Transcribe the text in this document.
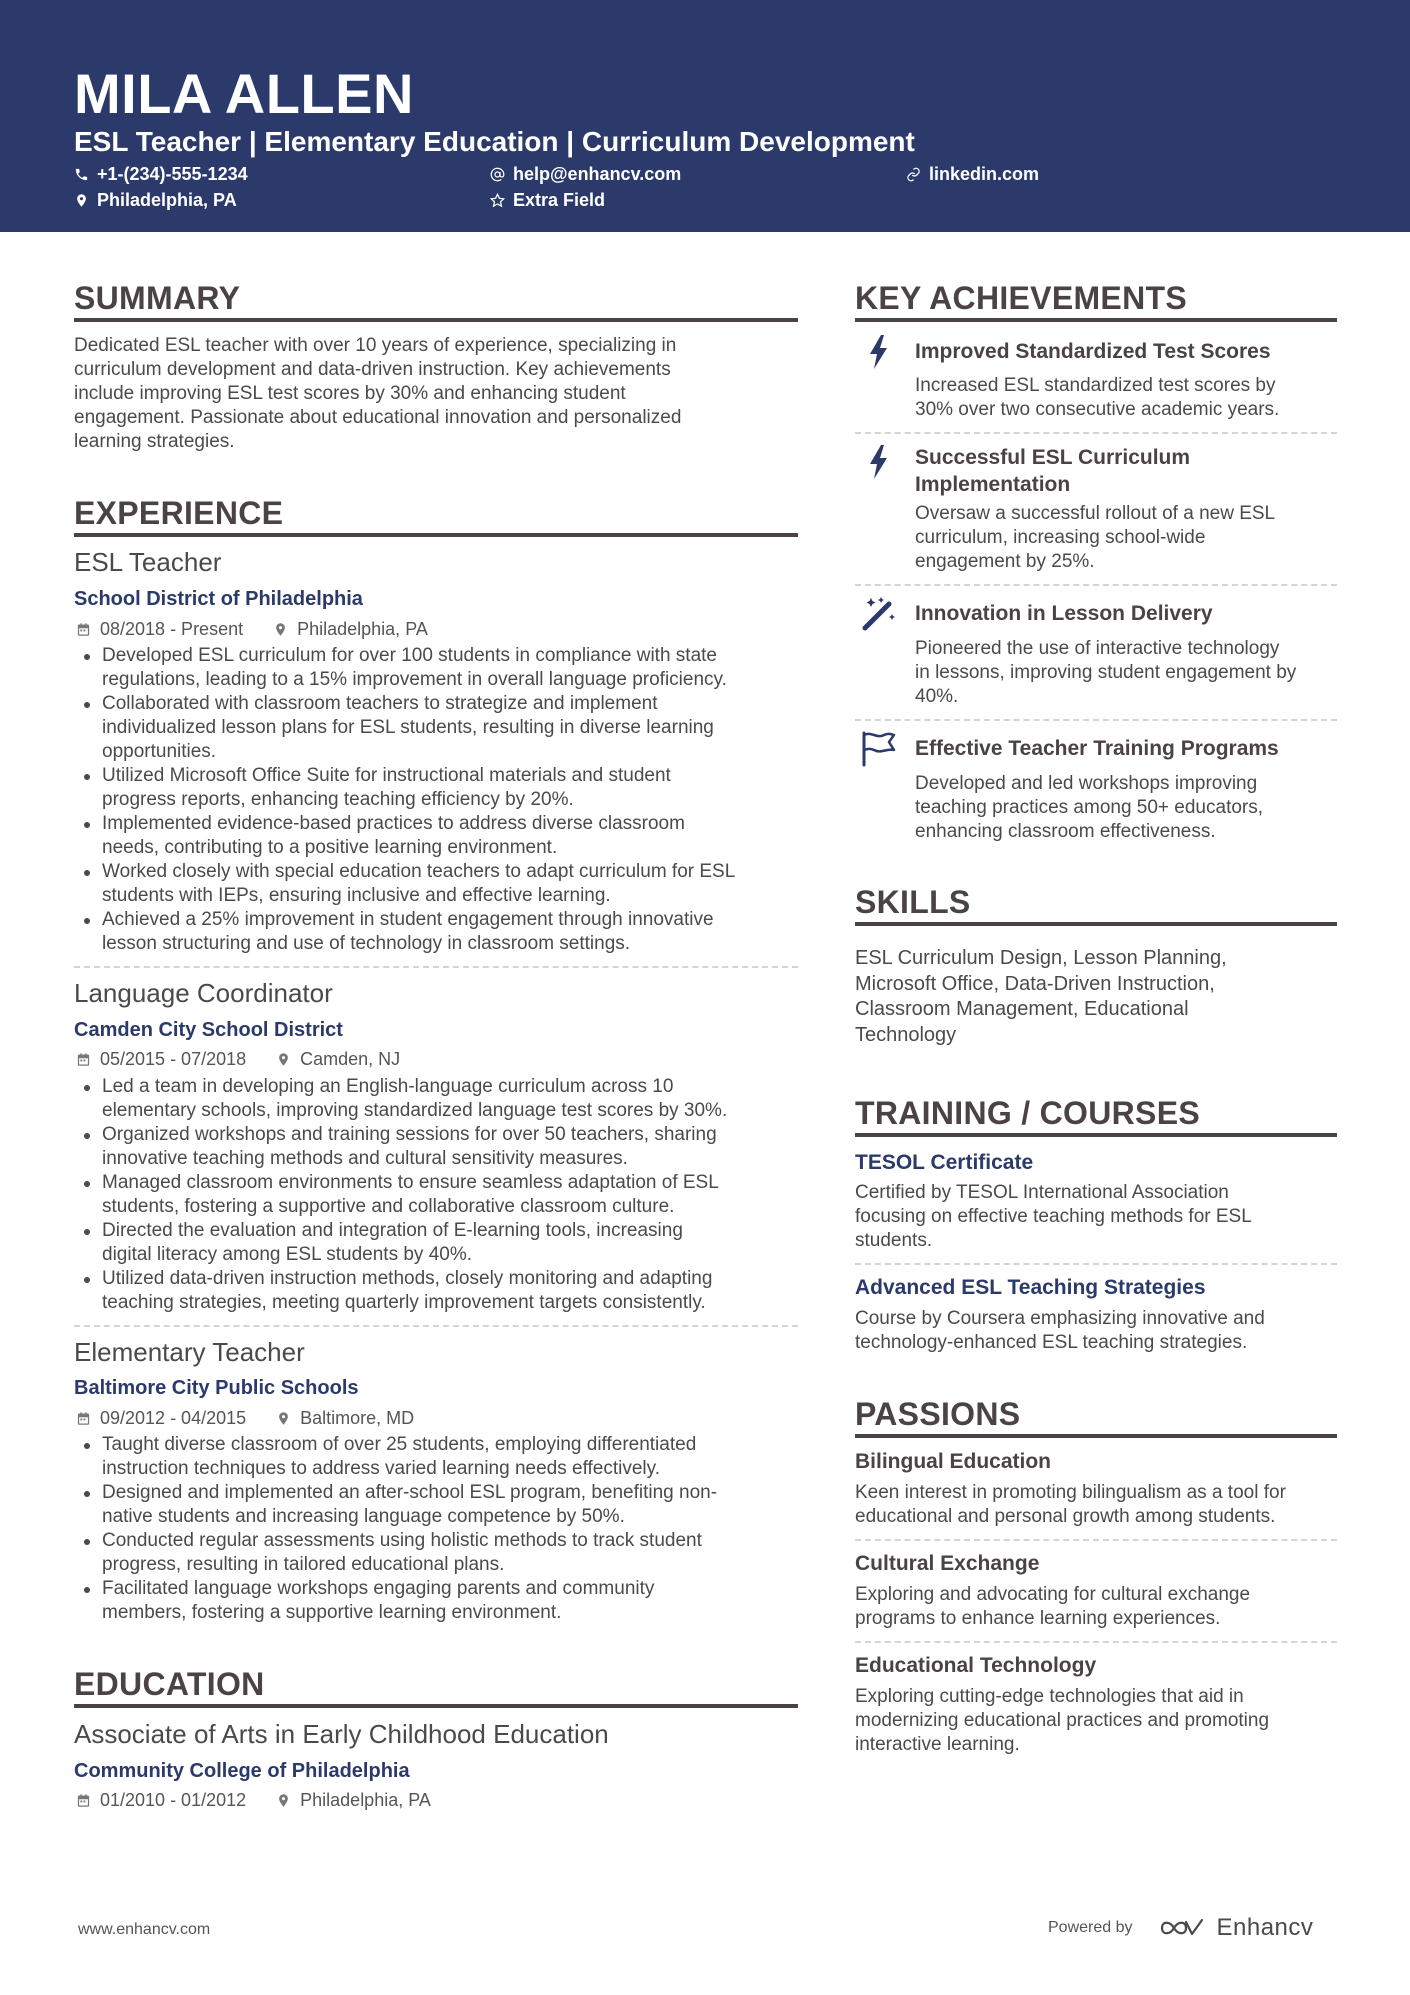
MILA ALLEN
ESL Teacher | Elementary Education | Curriculum Development
+1-(234)-555-1234	help@enhancv.com	linkedin.com
Philadelphia, PA	Extra Field
SUMMARY
Dedicated ESL teacher with over 10 years of experience, specializing in
curriculum development and data-driven instruction. Key achievements
include improving ESL test scores by 30% and enhancing student
engagement. Passionate about educational innovation and personalized
learning strategies.
EXPERIENCE
ESL Teacher
School District of Philadelphia
08/2018 - Present	Philadelphia, PA
Developed ESL curriculum for over 100 students in compliance with state
regulations, leading to a 15% improvement in overall language proficiency.
Collaborated with classroom teachers to strategize and implement
individualized lesson plans for ESL students, resulting in diverse learning
opportunities.
Utilized Microsoft Office Suite for instructional materials and student
progress reports, enhancing teaching efficiency by 20%.
Implemented evidence-based practices to address diverse classroom
needs, contributing to a positive learning environment.
Worked closely with special education teachers to adapt curriculum for ESL
students with IEPs, ensuring inclusive and effective learning.
Achieved a 25% improvement in student engagement through innovative
lesson structuring and use of technology in classroom settings.
Language Coordinator
Camden City School District
05/2015 - 07/2018	Camden, NJ
Led a team in developing an English-language curriculum across 10
elementary schools, improving standardized language test scores by 30%.
Organized workshops and training sessions for over 50 teachers, sharing
innovative teaching methods and cultural sensitivity measures.
Managed classroom environments to ensure seamless adaptation of ESL
students, fostering a supportive and collaborative classroom culture.
Directed the evaluation and integration of E-learning tools, increasing
digital literacy among ESL students by 40%.
Utilized data-driven instruction methods, closely monitoring and adapting
teaching strategies, meeting quarterly improvement targets consistently.
Elementary Teacher
Baltimore City Public Schools
09/2012 - 04/2015	Baltimore, MD
Taught diverse classroom of over 25 students, employing differentiated
instruction techniques to address varied learning needs effectively.
Designed and implemented an after-school ESL program, benefiting non-
native students and increasing language competence by 50%.
Conducted regular assessments using holistic methods to track student
progress, resulting in tailored educational plans.
Facilitated language workshops engaging parents and community
members, fostering a supportive learning environment.
EDUCATION
Associate of Arts in Early Childhood Education
Community College of Philadelphia
01/2010 - 01/2012	Philadelphia, PA
KEY ACHIEVEMENTS
Improved Standardized Test Scores
Increased ESL standardized test scores by
30% over two consecutive academic years.
Successful ESL Curriculum
Implementation
Oversaw a successful rollout of a new ESL
curriculum, increasing school-wide
engagement by 25%.
Innovation in Lesson Delivery
Pioneered the use of interactive technology
in lessons, improving student engagement by
40%.
Effective Teacher Training Programs
Developed and led workshops improving
teaching practices among 50+ educators,
enhancing classroom effectiveness.
SKILLS
ESL Curriculum Design, Lesson Planning,
Microsoft Office, Data-Driven Instruction,
Classroom Management, Educational
Technology
TRAINING / COURSES
TESOL Certificate
Certified by TESOL International Association
focusing on effective teaching methods for ESL
students.
Advanced ESL Teaching Strategies
Course by Coursera emphasizing innovative and
technology-enhanced ESL teaching strategies.
PASSIONS
Bilingual Education
Keen interest in promoting bilingualism as a tool for
educational and personal growth among students.
Cultural Exchange
Exploring and advocating for cultural exchange
programs to enhance learning experiences.
Educational Technology
Exploring cutting-edge technologies that aid in
modernizing educational practices and promoting
interactive learning.
www.enhancv.com	Powered by	Enhancv
